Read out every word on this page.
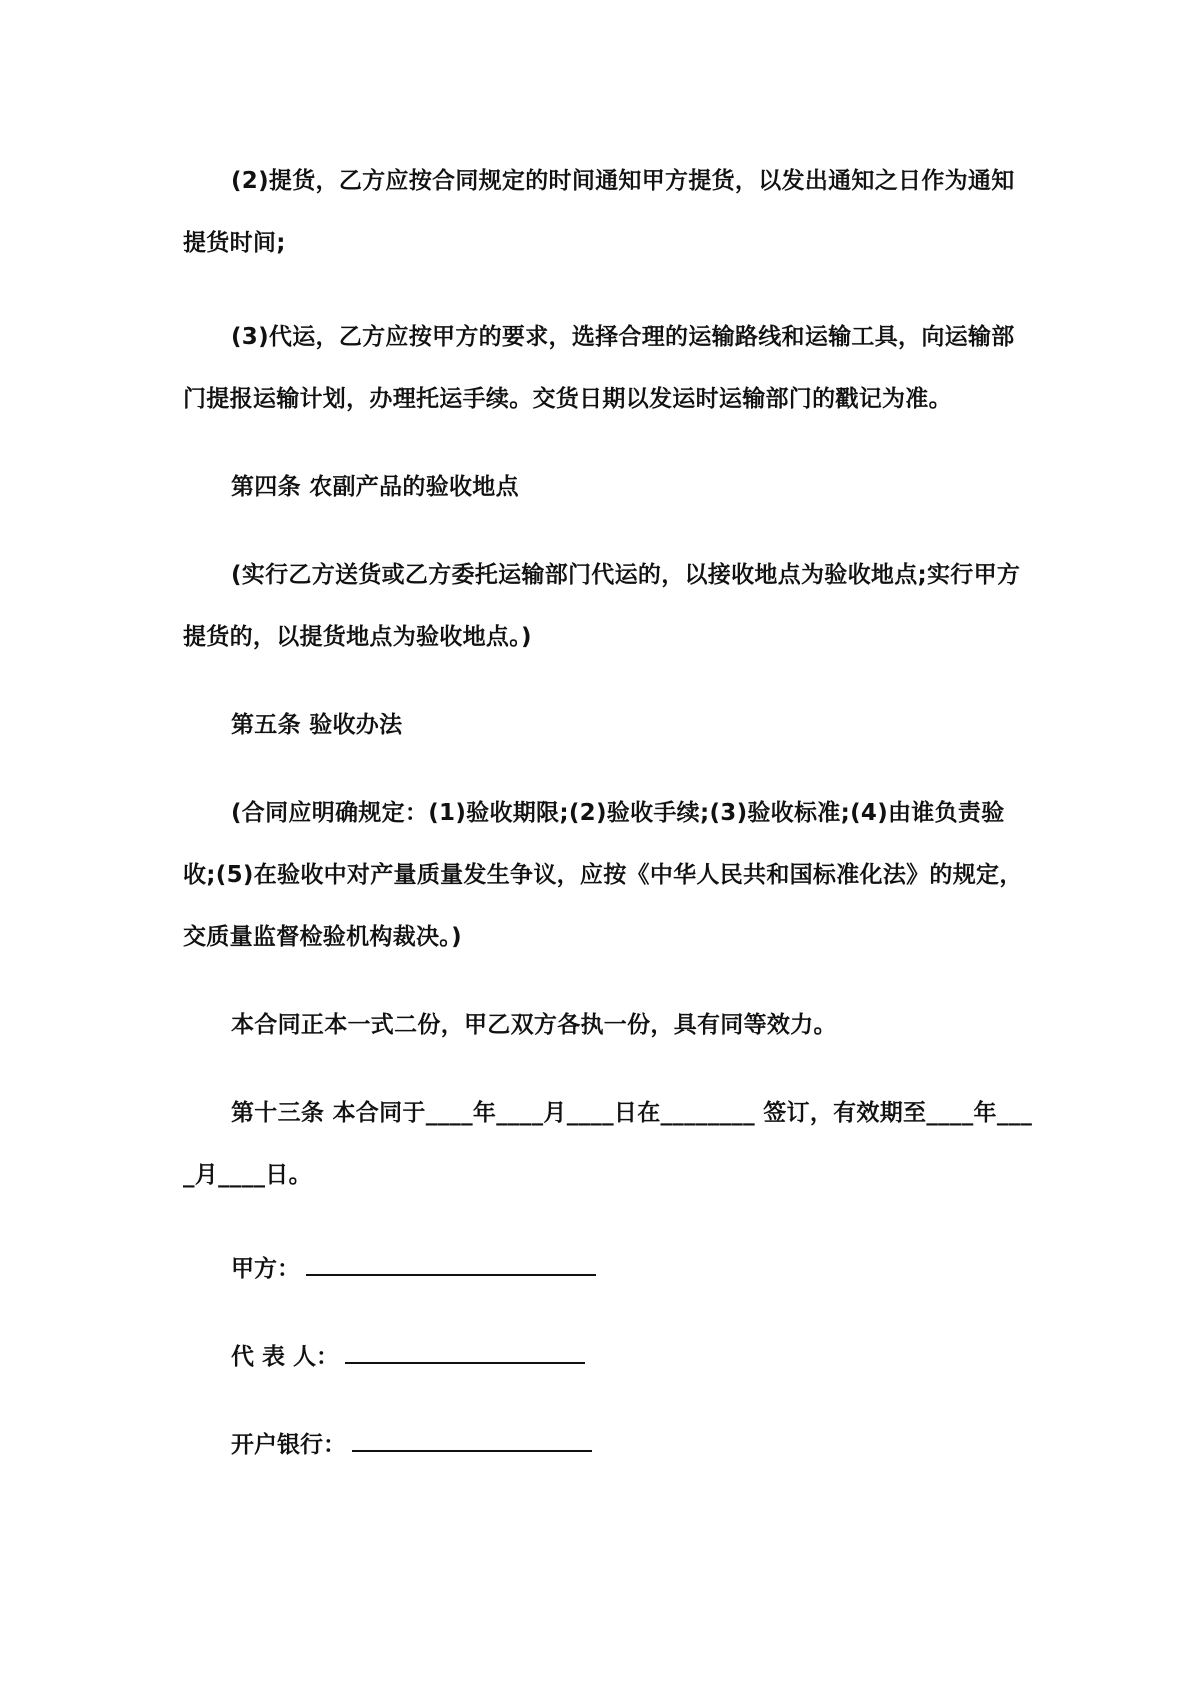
(2)提货，乙方应按合同规定的时间通知甲方提货，以发出通知之日作为通知提货时间;

(3)代运，乙方应按甲方的要求，选择合理的运输路线和运输工具，向运输部门提报运输计划，办理托运手续。交货日期以发运时运输部门的戳记为准。

第四条 农副产品的验收地点

(实行乙方送货或乙方委托运输部门代运的，以接收地点为验收地点;实行甲方提货的，以提货地点为验收地点。)

第五条 验收办法

(合同应明确规定：(1)验收期限;(2)验收手续;(3)验收标准;(4)由谁负责验收;(5)在验收中对产量质量发生争议，应按《中华人民共和国标准化法》的规定，交质量监督检验机构裁决。)

本合同正本一式二份，甲乙双方各执一份，具有同等效力。

第十三条 本合同于____年____月____日在________ 签订，有效期至____年____月____日。

甲方：
代 表 人：
开户银行：
